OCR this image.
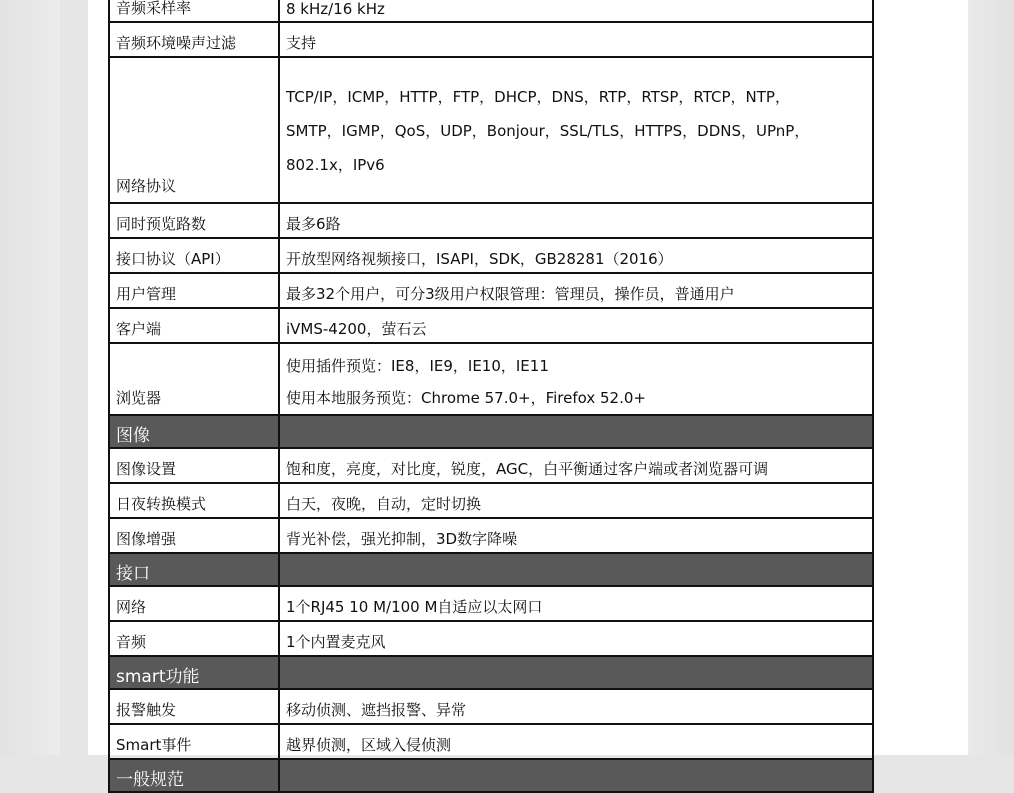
音频采样率	8 kHz/16 kHz

音频环境噪声过滤	支持

网络协议	TCP/IP，ICMP，HTTP，FTP，DHCP，DNS，RTP，RTSP，RTCP，NTP，
SMTP，IGMP，QoS，UDP，Bonjour，SSL/TLS，HTTPS，DDNS，UPnP，
802.1x，IPv6

同时预览路数	最多6路

接口协议（API）	开放型网络视频接口，ISAPI，SDK，GB28281（2016）

用户管理	最多32个用户，可分3级用户权限管理：管理员，操作员，普通用户

客户端	iVMS-4200，萤石云

浏览器	使用插件预览：IE8，IE9，IE10，IE11
使用本地服务预览：Chrome 57.0+，Firefox 52.0+

图像	
图像设置	饱和度，亮度，对比度，锐度，AGC，白平衡通过客户端或者浏览器可调

日夜转换模式	白天，夜晚，自动，定时切换

图像增强	背光补偿，强光抑制，3D数字降噪

接口	
网络	1个RJ45 10 M/100 M自适应以太网口

音频	1个内置麦克风

smart功能	
报警触发	移动侦测、遮挡报警、异常

Smart事件	越界侦测，区域入侵侦测

一般规范	
